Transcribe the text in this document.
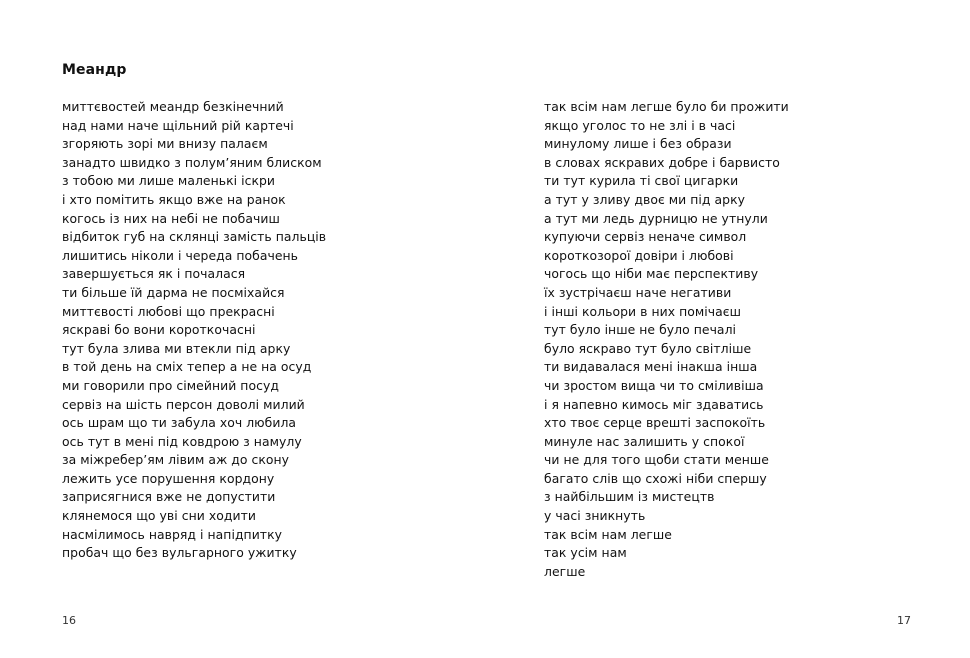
Меандр
миттєвостей меандр безкінечний
над нами наче щільний рій картечі
згоряють зорі ми внизу палаєм
занадто швидко з полум’яним блиском
з тобою ми лише маленькі іскри
і хто помітить якщо вже на ранок
когось із них на небі не побачиш
відбиток губ на склянці замість пальців
лишитись ніколи і череда побачень
завершується як і почалася
ти більше їй дарма не посміхайся
миттєвості любові що прекрасні
яскраві бо вони короткочасні
тут була злива ми втекли під арку
в той день на сміх тепер а не на осуд
ми говорили про сімейний посуд
сервіз на шість персон доволі милий
ось шрам що ти забула хоч любила
ось тут в мені під ковдрою з намулу
за міжребер’ям лівим аж до скону
лежить усе порушення кордону
заприсягнися вже не допустити
клянемося що уві сни ходити
насмілимось навряд і напідпитку
пробач що без вульгарного ужитку
16
так всім нам легше було би прожити
якщо уголос то не злі і в часі
минулому лише і без образи
в словах яскравих добре і барвисто
ти тут курила ті свої цигарки
а тут у зливу двоє ми під арку
а тут ми ледь дурницю не утнули
купуючи сервіз неначе символ
короткозорої довіри і любові
чогось що ніби має перспективу
їх зустрічаєш наче негативи
і інші кольори в них помічаєш
тут було інше не було печалі
було яскраво тут було світліше
ти видавалася мені інакша інша
чи зростом вища чи то сміливіша
і я напевно кимось міг здаватись
хто твоє серце врешті заспокоїть
минуле нас залишить у спокої
чи не для того щоби стати менше
багато слів що схожі ніби спершу
з найбільшим із мистецтв
у часі зникнуть
так всім нам легше
так усім нам
легше
17
